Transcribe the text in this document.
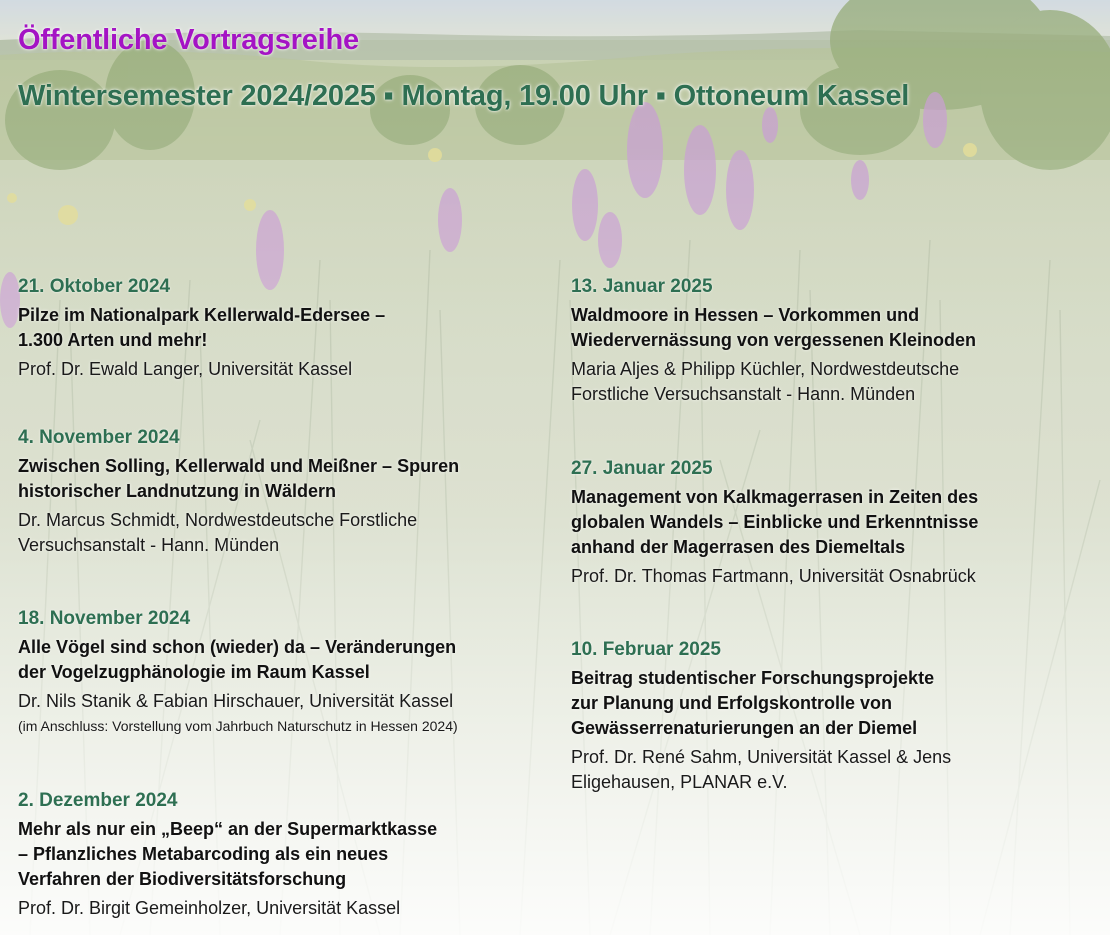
Öffentliche Vortragsreihe
Wintersemester 2024/2025 ▪ Montag, 19.00 Uhr ▪ Ottoneum Kassel
21. Oktober 2024
Pilze im Nationalpark Kellerwald-Edersee –
1.300 Arten und mehr!
Prof. Dr. Ewald Langer, Universität Kassel
4. November 2024
Zwischen Solling, Kellerwald und Meißner – Spuren
historischer Landnutzung in Wäldern
Dr. Marcus Schmidt, Nordwestdeutsche Forstliche
Versuchsanstalt - Hann. Münden
18. November 2024
Alle Vögel sind schon (wieder) da – Veränderungen
der Vogelzugphänologie im Raum Kassel
Dr. Nils Stanik & Fabian Hirschauer, Universität Kassel
(im Anschluss: Vorstellung vom Jahrbuch Naturschutz in Hessen 2024)
2. Dezember 2024
Mehr als nur ein „Beep“ an der Supermarktkasse
– Pflanzliches Metabarcoding als ein neues
Verfahren der Biodiversitätsforschung
Prof. Dr. Birgit Gemeinholzer, Universität Kassel
13. Januar 2025
Waldmoore in Hessen – Vorkommen und
Wiedervernässung von vergessenen Kleinoden
Maria Aljes & Philipp Küchler, Nordwestdeutsche
Forstliche Versuchsanstalt - Hann. Münden
27. Januar 2025
Management von Kalkmagerrasen in Zeiten des
globalen Wandels – Einblicke und Erkenntnisse
anhand der Magerrasen des Diemeltals
Prof. Dr. Thomas Fartmann, Universität Osnabrück
10. Februar 2025
Beitrag studentischer Forschungsprojekte
zur Planung und Erfolgskontrolle von
Gewässerrenaturierungen an der Diemel
Prof. Dr. René Sahm, Universität Kassel & Jens
Eligehausen, PLANAR e.V.
